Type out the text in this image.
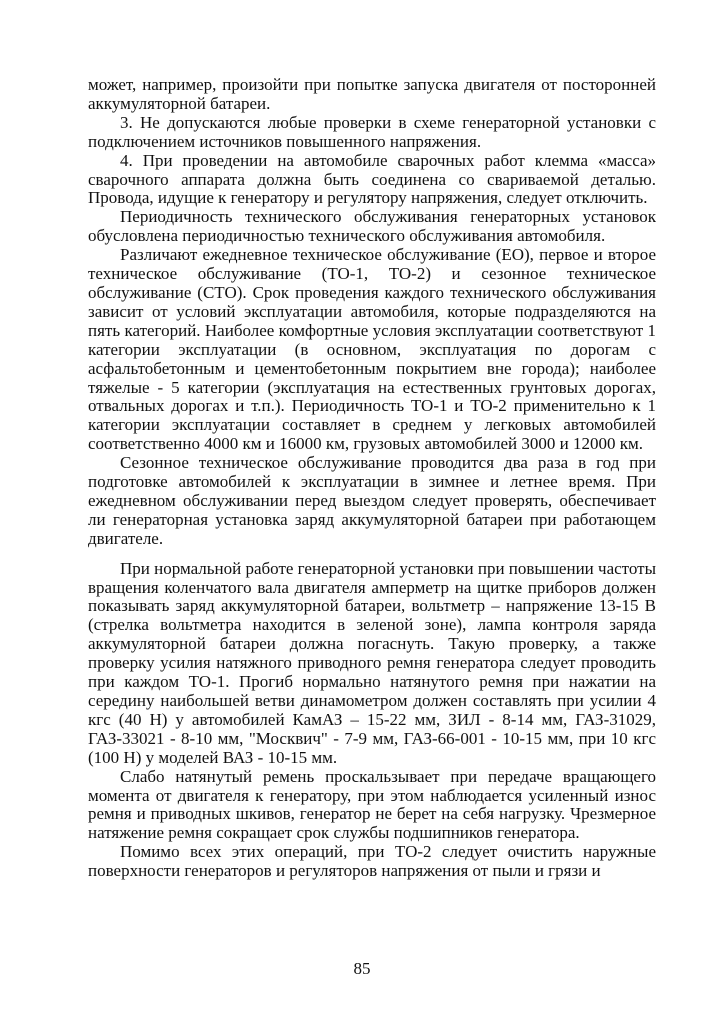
может, например, произойти при попытке запуска двигателя от посторонней аккумуляторной батареи.

3. Не допускаются любые проверки в схеме генераторной установки с подключением источников повышенного напряжения.

4. При проведении на автомобиле сварочных работ клемма «масса» сварочного аппарата должна быть соединена со свариваемой деталью. Провода, идущие к генератору и регулятору напряжения, следует отключить.

Периодичность технического обслуживания генераторных установок обусловлена периодичностью технического обслуживания автомобиля.

Различают ежедневное техническое обслуживание (ЕО), первое и второе техническое обслуживание (ТО-1, ТО-2) и сезонное техническое обслуживание (СТО). Срок проведения каждого технического обслуживания зависит от условий эксплуатации автомобиля, которые подразделяются на пять категорий. Наиболее комфортные условия эксплуатации соответствуют 1 категории эксплуатации (в основном, эксплуатация по дорогам с асфальтобетонным и цементобетонным покрытием вне города); наиболее тяжелые - 5 категории (эксплуатация на естественных грунтовых дорогах, отвальных дорогах и т.п.). Периодичность ТО-1 и ТО-2 применительно к 1 категории эксплуатации составляет в среднем у легковых автомобилей соответственно 4000 км и 16000 км, грузовых автомобилей 3000 и 12000 км.

Сезонное техническое обслуживание проводится два раза в год при подготовке автомобилей к эксплуатации в зимнее и летнее время. При ежедневном обслуживании перед выездом следует проверять, обеспечивает ли генераторная установка заряд аккумуляторной батареи при работающем двигателе.

При нормальной работе генераторной установки при повышении частоты вращения коленчатого вала двигателя амперметр на щитке приборов должен показывать заряд аккумуляторной батареи, вольтметр – напряжение 13-15 В (стрелка вольтметра находится в зеленой зоне), лампа контроля заряда аккумуляторной батареи должна погаснуть. Такую проверку, а также проверку усилия натяжного приводного ремня генератора следует проводить при каждом ТО-1. Прогиб нормально натянутого ремня при нажатии на середину наибольшей ветви динамометром должен составлять при усилии 4 кгс (40 Н) у автомобилей КамАЗ – 15-22 мм, ЗИЛ - 8-14 мм, ГАЗ-31029, ГАЗ-33021 - 8-10 мм, "Москвич" - 7-9 мм, ГАЗ-66-001 - 10-15 мм, при 10 кгс (100 Н) у моделей ВАЗ - 10-15 мм.

Слабо натянутый ремень проскальзывает при передаче вращающего момента от двигателя к генератору, при этом наблюдается усиленный износ ремня и приводных шкивов, генератор не берет на себя нагрузку. Чрезмерное натяжение ремня сокращает срок службы подшипников генератора.

Помимо всех этих операций, при ТО-2 следует очистить наружные поверхности генераторов и регуляторов напряжения от пыли и грязи и

85
